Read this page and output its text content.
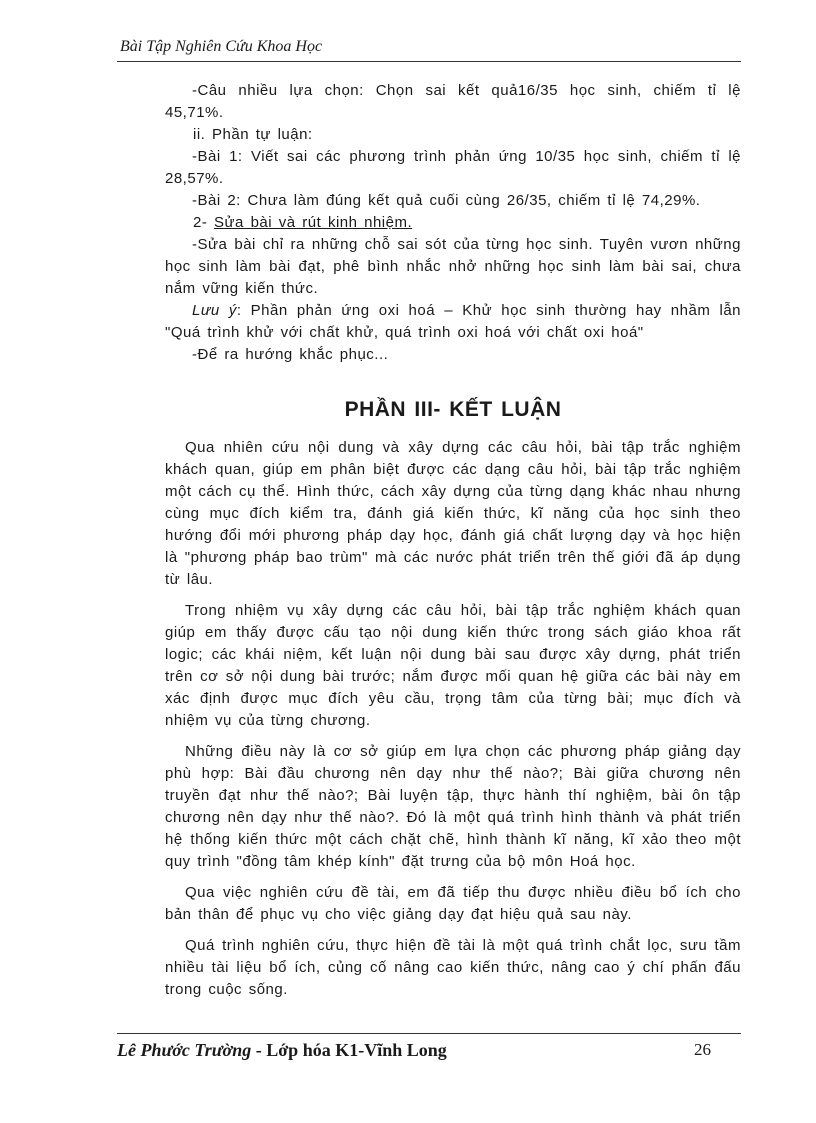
Bài Tập Nghiên Cứu Khoa Học

-Câu nhiều lựa chọn: Chọn sai kết quả16/35 học sinh, chiếm tỉ lệ 45,71%.

ii. Phần tự luận:

-Bài 1: Viết sai các phương trình phản ứng 10/35 học sinh, chiếm tỉ lệ 28,57%.

-Bài 2: Chưa làm đúng kết quả cuối cùng 26/35, chiếm tỉ lệ 74,29%.

2- Sửa bài và rút kinh nhiệm.

-Sửa bài chỉ ra những chỗ sai sót của từng học sinh. Tuyên vươn những học sinh làm bài đạt, phê bình nhắc nhở những học sinh làm bài sai, chưa nắm vững kiến thức.

Lưu ý: Phần phản ứng oxi hoá – Khử học sinh thường hay nhầm lẫn "Quá trình khử với chất khử, quá trình oxi hoá với chất oxi hoá"

-Để ra hướng khắc phục...

PHẦN III- KẾT LUẬN

Qua nhiên cứu nội dung và xây dựng các câu hỏi, bài tập trắc nghiệm khách quan, giúp em phân biệt được các dạng câu hỏi, bài tập trắc nghiệm một cách cụ thể. Hình thức, cách xây dựng của từng dạng khác nhau nhưng cùng mục đích kiểm tra, đánh giá kiến thức, kĩ năng của học sinh theo hướng đổi mới phương pháp dạy học, đánh giá chất lượng dạy và học hiện là "phương pháp bao trùm" mà các nước phát triển trên thế giới đã áp dụng từ lâu.

Trong nhiệm vụ xây dựng các câu hỏi, bài tập trắc nghiệm khách quan giúp em thấy được cấu tạo nội dung kiến thức trong sách giáo khoa rất logic; các khái niệm, kết luận nội dung bài sau được xây dựng, phát triển trên cơ sở nội dung bài trước; nắm được mối quan hệ giữa các bài này em xác định được mục đích yêu cầu, trọng tâm của từng bài; mục đích và nhiệm vụ của từng chương.

Những điều này là cơ sở giúp em lựa chọn các phương pháp giảng dạy phù hợp: Bài đầu chương nên dạy như thế nào?; Bài giữa chương nên truyền đạt như thế nào?; Bài luyện tập, thực hành thí nghiệm, bài ôn tập chương nên dạy như thế nào?. Đó là một quá trình hình thành và phát triển hệ thống kiến thức một cách chặt chẽ, hình thành kĩ năng, kĩ xảo theo một quy trình "đồng tâm khép kính" đặt trưng của bộ môn Hoá học.

Qua việc nghiên cứu đề tài, em đã tiếp thu được nhiều điều bổ ích cho bản thân để phục vụ cho việc giảng dạy đạt hiệu quả sau này.

Quá trình nghiên cứu, thực hiện đề tài là một quá trình chắt lọc, sưu tầm nhiều tài liệu bổ ích, củng cố nâng cao kiến thức, nâng cao ý chí phấn đấu trong cuộc sống.

Lê Phước Trường - Lớp hóa K1-Vĩnh Long	26
